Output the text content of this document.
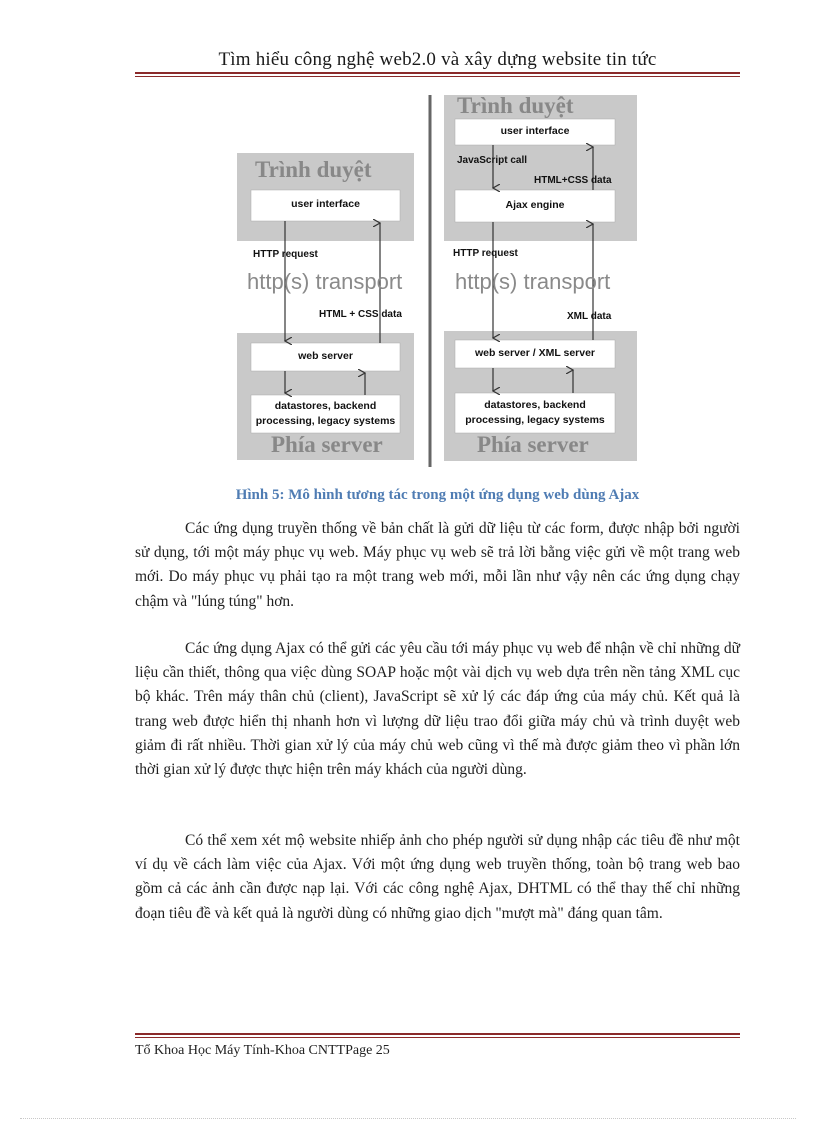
Tìm hiểu công nghệ web2.0 và xây dựng website tin tức
Trình duyệt
user interface
HTTP request
http(s) transport
HTML + CSS data
web server
datastores, backend
processing, legacy systems
Phía server
Trình duyệt
user interface
JavaScript call
HTML+CSS data
Ajax engine
HTTP request
http(s) transport
XML data
web server / XML server
datastores, backend
processing, legacy systems
Phía server
Hình 5: Mô hình tương tác trong một ứng dụng web dùng Ajax

Các ứng dụng truyền thống về bản chất là gửi dữ liệu từ các form, được nhập bởi người sử dụng, tới một máy phục vụ web. Máy phục vụ web sẽ trả lời bằng việc gửi về một trang web mới. Do máy phục vụ phải tạo ra một trang web mới, mỗi lần như vậy nên các ứng dụng chạy chậm và "lúng túng" hơn.

Các ứng dụng Ajax có thể gửi các yêu cầu tới máy phục vụ web để nhận về chỉ những dữ liệu cần thiết, thông qua việc dùng SOAP hoặc một vài dịch vụ web dựa trên nền tảng XML cục bộ khác. Trên máy thân chủ (client), JavaScript sẽ xử lý các đáp ứng của máy chủ. Kết quả là trang web được hiển thị nhanh hơn vì lượng dữ liệu trao đổi giữa máy chủ và trình duyệt web giảm đi rất nhiều. Thời gian xử lý của máy chủ web cũng vì thế mà được giảm theo vì phần lớn thời gian xử lý được thực hiện trên máy khách của người dùng.

Có thể xem xét mộ website nhiếp ảnh cho phép người sử dụng nhập các tiêu đề như một ví dụ về cách làm việc của Ajax. Với một ứng dụng web truyền thống, toàn bộ trang web bao gồm cả các ảnh cần được nạp lại. Với các công nghệ Ajax, DHTML có thể thay thế chỉ những đoạn tiêu đề và kết quả là người dùng có những giao dịch "mượt mà" đáng quan tâm.

Tổ Khoa Học Máy Tính-Khoa CNTTPage 25
